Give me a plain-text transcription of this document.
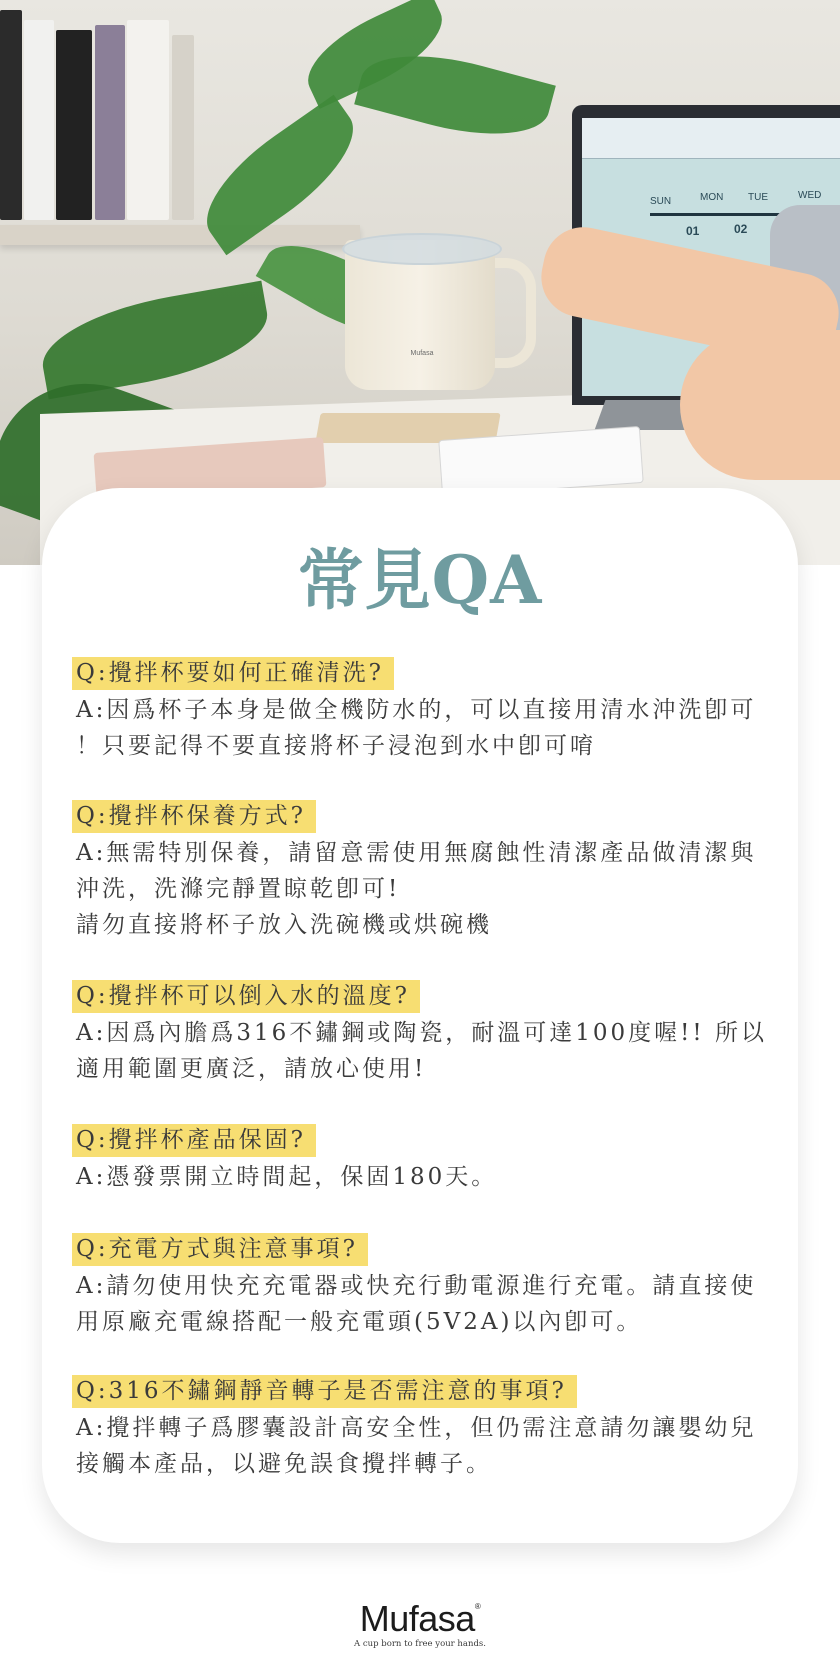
SUN	MON TUE	WED
01	02
Mufasa
常見QA
Q:攪拌杯要如何正確清洗?
A:因爲杯子本身是做全機防水的，可以直接用清水沖洗卽可
！只要記得不要直接將杯子浸泡到水中卽可唷
Q:攪拌杯保養方式?
A:無需特別保養，請留意需使用無腐蝕性清潔產品做清潔與
沖洗，洗滌完靜置晾乾卽可!
請勿直接將杯子放入洗碗機或烘碗機
Q:攪拌杯可以倒入水的溫度?
A:因爲內膽爲316不鏽鋼或陶瓷，耐溫可達100度喔!! 所以
適用範圍更廣泛，請放心使用!
Q:攪拌杯產品保固?
A:憑發票開立時間起，保固180天。
Q:充電方式與注意事項?
A:請勿使用快充充電器或快充行動電源進行充電。請直接使
用原廠充電線搭配一般充電頭(5V2A)以內卽可。
Q:316不鏽鋼靜音轉子是否需注意的事項?
A:攪拌轉子爲膠囊設計高安全性，但仍需注意請勿讓嬰幼兒
接觸本產品，以避免誤食攪拌轉子。
Mufasa®
A cup born to free your hands.
